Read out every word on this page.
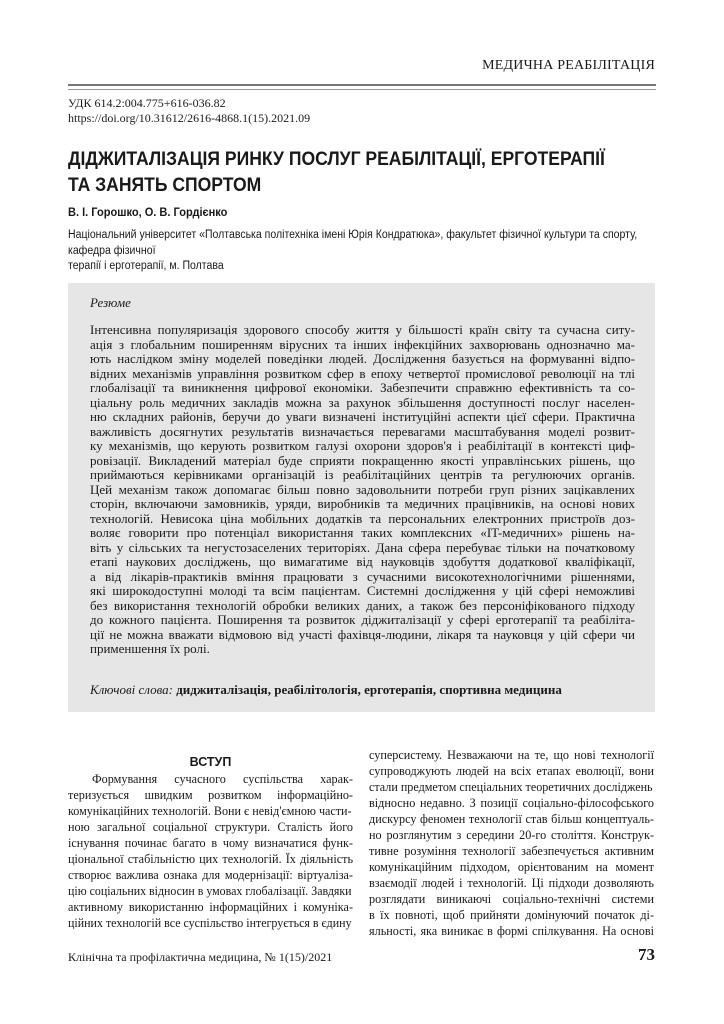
МЕДИЧНА РЕАБІЛІТАЦІЯ
УДК 614.2:004.775+616-036.82
https://doi.org/10.31612/2616-4868.1(15).2021.09
ДІДЖИТАЛІЗАЦІЯ РИНКУ ПОСЛУГ РЕАБІЛІТАЦІЇ, ЕРГОТЕРАПІЇ
ТА ЗАНЯТЬ СПОРТОМ
В. І. Горошко, О. В. Гордієнко
Національний університет «Полтавська політехніка імені Юрія Кондратюка», факультет фізичної культури та спорту, кафедра фізичної
терапії і ерготерапії, м. Полтава
Резюме
Інтенсивна популяризація здорового способу життя у більшості країн світу та сучасна ситу-
ація з глобальним поширенням вірусних та інших інфекційних захворювань однозначно ма-
ють наслідком зміну моделей поведінки людей. Дослідження базується на формуванні відпо-
відних механізмів управління розвитком сфер в епоху четвертої промислової революції на тлі
глобалізації та виникнення цифрової економіки. Забезпечити справжню ефективність та со-
ціальну роль медичних закладів можна за рахунок збільшення доступності послуг населен-
ню складних районів, беручи до уваги визначені інституційні аспекти цієї сфери. Практична
важливість досягнутих результатів визначається перевагами масштабування моделі розвит-
ку механізмів, що керують розвитком галузі охорони здоров'я і реабілітації в контексті циф-
ровізації. Викладений матеріал буде сприяти покращенню якості управлінських рішень, що
приймаються керівниками організацій із реабілітаційних центрів та регулюючих органів.
Цей механізм також допомагає більш повно задовольнити потреби груп різних зацікавлених
сторін, включаючи замовників, уряди, виробників та медичних працівників, на основі нових
технологій. Невисока ціна мобільних додатків та персональних електронних пристроїв доз-
воляє говорити про потенціал використання таких комплексних «IT-медичних» рішень на-
віть у сільських та негустозаселених територіях. Дана сфера перебуває тільки на початковому
етапі наукових досліджень, що вимагатиме від науковців здобуття додаткової кваліфікації,
а від лікарів-практиків вміння працювати з сучасними високотехнологічними рішеннями,
які широкодоступні молоді та всім пацієнтам. Системні дослідження у цій сфері неможливі
без використання технологій обробки великих даних, а також без персоніфікованого підходу
до кожного пацієнта. Поширення та розвиток діджиталізації у сфері ерготерапії та реабіліта-
ції не можна вважати відмовою від участі фахівця-людини, лікаря та науковця у цій сфери чи
применшення їх ролі.
Ключові слова: диджиталізація, реабілітологія, ерготерапія, спортивна медицина
ВСТУП
Формування сучасного суспільства харак-
теризується швидким розвитком інформаційно-
комунікаційних технологій. Вони є невід'ємною части-
ною загальної соціальної структури. Сталість його
існування починає багато в чому визначатися функ-
ціональної стабільністю цих технологій. Їх діяльність
створює важлива ознака для модернізації: віртуаліза-
цію соціальних відносин в умовах глобалізації. Завдяки
активному використанню інформаційних і комуніка-
ційних технологій все суспільство інтегрується в єдину
суперсистему. Незважаючи на те, що нові технології
супроводжують людей на всіх етапах еволюції, вони
стали предметом спеціальних теоретичних досліджень
відносно недавно. З позиції соціально-філософського
дискурсу феномен технології став більш концептуаль-
но розглянутим з середини 20-го століття. Конструк-
тивне розуміння технології забезпечується активним
комунікаційним підходом, орієнтованим на момент
взаємодії людей і технологій. Ці підходи дозволяють
розглядати виникаючі соціально-технічні системи
в їх повноті, щоб прийняти домінуючий початок ді-
яльності, яка виникає в формі спілкування. На основі
Клінічна та профілактична медицина, № 1(15)/2021	73
